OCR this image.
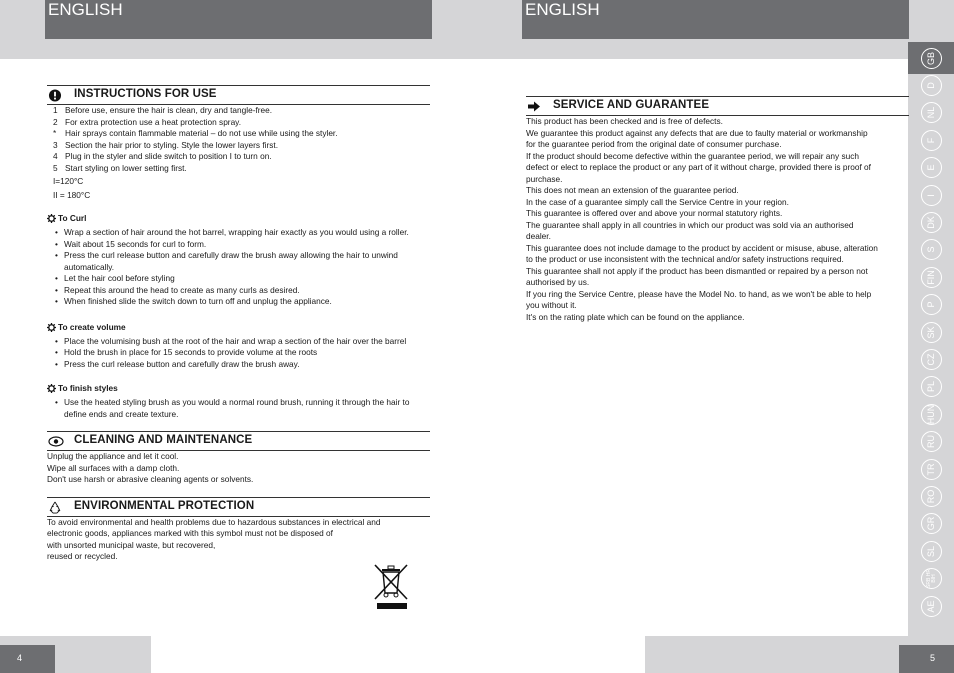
ENGLISH	ENGLISH
GB
D
NL
F
E
I
DK
S
FIN
P
SK
CZ
PL
HUN
RU
TR
RO
GR
SL
SRB HR BIH
AE
4	5
INSTRUCTIONS FOR USE
1 Before use, ensure the hair is clean, dry and tangle-free.
2 For extra protection use a heat protection spray.
*	Hair sprays contain flammable material – do not use while using the styler.
3 Section the hair prior to styling. Style the lower layers first.
4 Plug in the styler and slide switch to position I to turn on.
5 Start styling on lower setting first.
I=120°C
II = 180°C
To Curl
• Wrap a section of hair around the hot barrel, wrapping hair exactly as you would using a roller.
• Wait about 15 seconds for curl to form.
• Press the curl release button and carefully draw the brush away allowing the hair to unwind automatically.
• Let the hair cool before styling
• Repeat this around the head to create as many curls as desired.
• When finished slide the switch down to turn off and unplug the appliance.
To create volume
• Place the volumising bush at the root of the hair and wrap a section of the hair over the barrel
• Hold the brush in place for 15 seconds to provide volume at the roots
• Press the curl release button and carefully draw the brush away.
To finish styles
• Use the heated styling brush as you would a normal round brush, running it through the hair to define ends and create texture.
CLEANING AND MAINTENANCE
Unplug the appliance and let it cool.
Wipe all surfaces with a damp cloth.
Don't use harsh or abrasive cleaning agents or solvents.
ENVIRONMENTAL PROTECTION
To avoid environmental and health problems due to hazardous substances in electrical and
electronic goods, appliances marked with this symbol must not be disposed of
with unsorted municipal waste, but recovered,
reused or recycled.
SERVICE AND GUARANTEE
This product has been checked and is free of defects.
We guarantee this product against any defects that are due to faulty material or workmanship
for the guarantee period from the original date of consumer purchase.
If the product should become defective within the guarantee period, we will repair any such
defect or elect to replace the product or any part of it without charge, provided there is proof of
purchase.
This does not mean an extension of the guarantee period.
In the case of a guarantee simply call the Service Centre in your region.
This guarantee is offered over and above your normal statutory rights.
The guarantee shall apply in all countries in which our product was sold via an authorised
dealer.
This guarantee does not include damage to the product by accident or misuse, abuse, alteration
to the product or use inconsistent with the technical and/or safety instructions required.
This guarantee shall not apply if the product has been dismantled or repaired by a person not
authorised by us.
If you ring the Service Centre, please have the Model No. to hand, as we won't be able to help
you without it.
It's on the rating plate which can be found on the appliance.
